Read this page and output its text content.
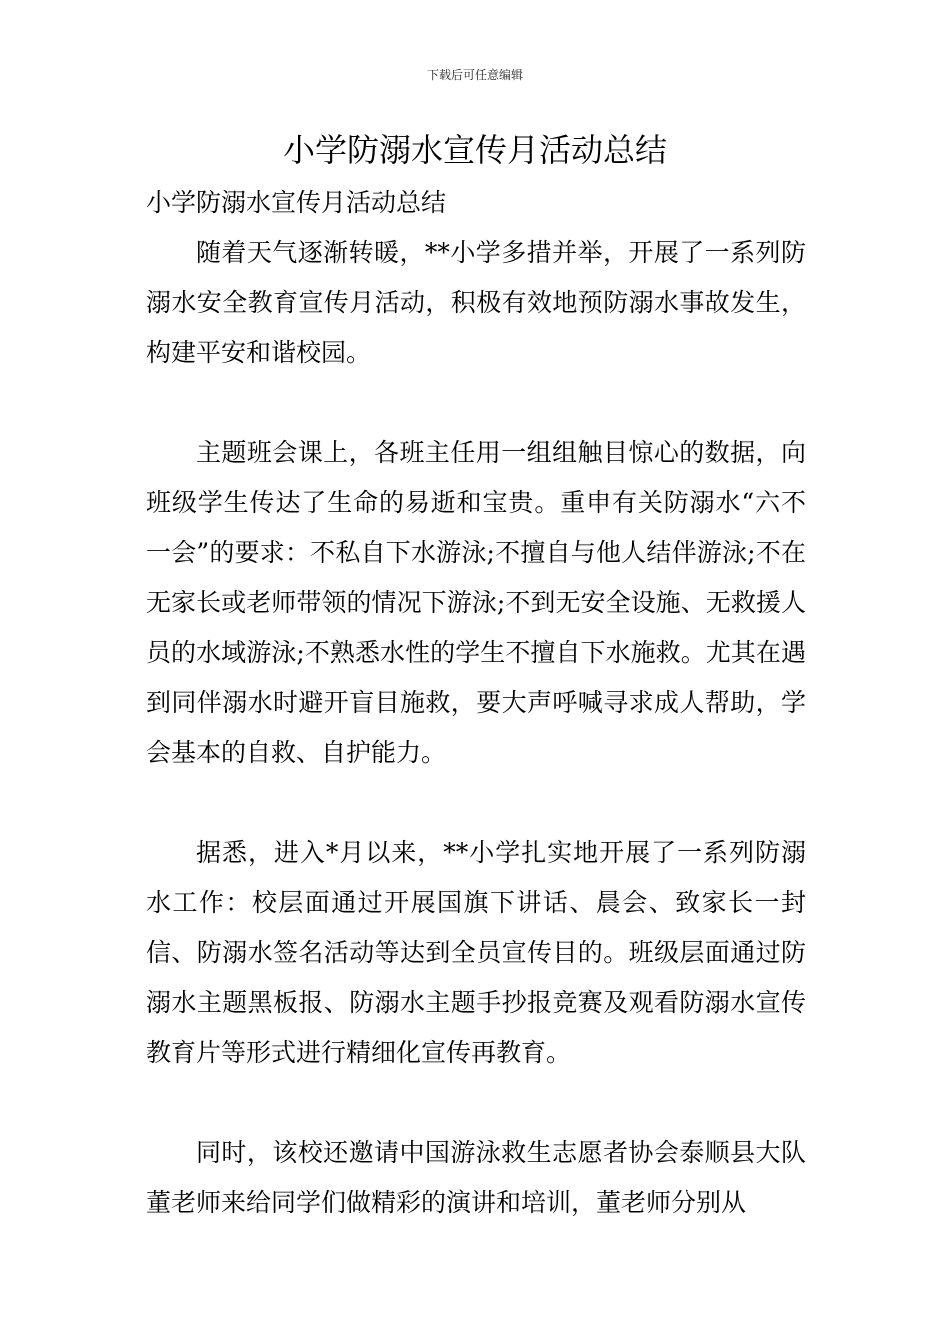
下载后可任意编辑
小学防溺水宣传月活动总结

小学防溺水宣传月活动总结

随着天气逐渐转暖，**小学多措并举，开展了一系列防溺水安全教育宣传月活动，积极有效地预防溺水事故发生，构建平安和谐校园。

主题班会课上，各班主任用一组组触目惊心的数据，向班级学生传达了生命的易逝和宝贵。重申有关防溺水“六不一会”的要求：不私自下水游泳;不擅自与他人结伴游泳;不在无家长或老师带领的情况下游泳;不到无安全设施、无救援人员的水域游泳;不熟悉水性的学生不擅自下水施救。尤其在遇到同伴溺水时避开盲目施救，要大声呼喊寻求成人帮助，学会基本的自救、自护能力。

据悉，进入*月以来，**小学扎实地开展了一系列防溺水工作：校层面通过开展国旗下讲话、晨会、致家长一封信、防溺水签名活动等达到全员宣传目的。班级层面通过防溺水主题黑板报、防溺水主题手抄报竞赛及观看防溺水宣传教育片等形式进行精细化宣传再教育。

同时，该校还邀请中国游泳救生志愿者协会泰顺县大队董老师来给同学们做精彩的演讲和培训，董老师分别从
